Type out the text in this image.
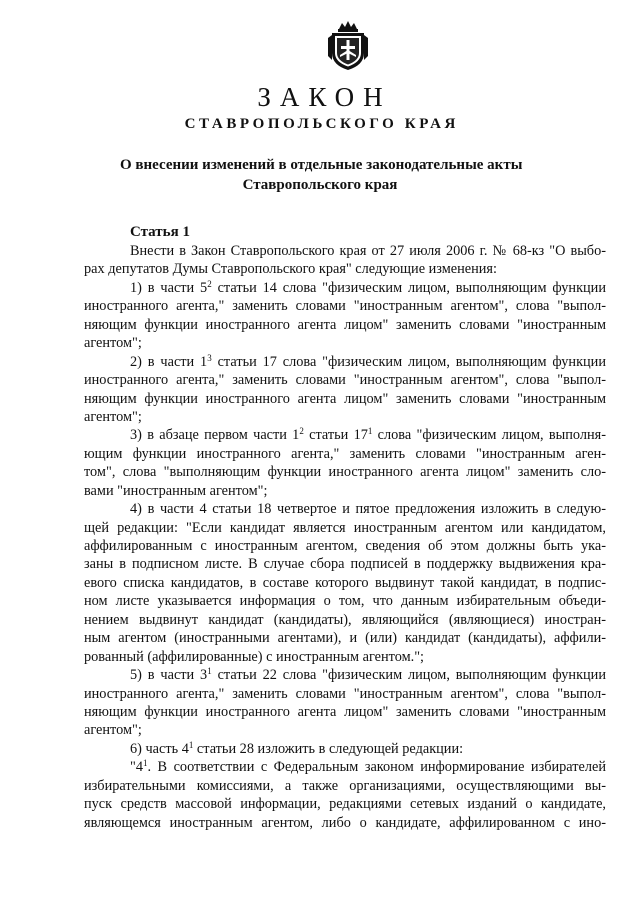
ЗАКОН
СТАВРОПОЛЬСКОГО КРАЯ
О внесении изменений в отдельные законодательные акты
Ставропольского края
Статья 1
Внести в Закон Ставропольского края от 27 июля 2006 г. № 68-кз "О выбо-
рах депутатов Думы Ставропольского края" следующие изменения:
1) в части $5^2$ статьи 14 слова "физическим лицом, выполняющим функции
иностранного агента," заменить словами "иностранным агентом", слова "выпол-
няющим функции иностранного агента лицом" заменить словами "иностранным
агентом";
2) в части $1^3$ статьи 17 слова "физическим лицом, выполняющим функции
иностранного агента," заменить словами "иностранным агентом", слова "выпол-
няющим функции иностранного агента лицом" заменить словами "иностранным
агентом";
3) в абзаце первом части $1^2$ статьи $17^1$ слова "физическим лицом, выполня-
ющим функции иностранного агента," заменить словами "иностранным аген-
том", слова "выполняющим функции иностранного агента лицом" заменить сло-
вами "иностранным агентом";
4) в части 4 статьи 18 четвертое и пятое предложения изложить в следую-
щей редакции: "Если кандидат является иностранным агентом или кандидатом,
аффилированным с иностранным агентом, сведения об этом должны быть ука-
заны в подписном листе. В случае сбора подписей в поддержку выдвижения кра-
евого списка кандидатов, в составе которого выдвинут такой кандидат, в подпис-
ном листе указывается информация о том, что данным избирательным объеди-
нением выдвинут кандидат (кандидаты), являющийся (являющиеся) иностран-
ным агентом (иностранными агентами), и (или) кандидат (кандидаты), аффили-
рованный (аффилированные) с иностранным агентом.";
5) в части $3^1$ статьи 22 слова "физическим лицом, выполняющим функции
иностранного агента," заменить словами "иностранным агентом", слова "выпол-
няющим функции иностранного агента лицом" заменить словами "иностранным
агентом";
6) часть $4^1$ статьи 28 изложить в следующей редакции:
"$4^1$. В соответствии с Федеральным законом информирование избирателей
избирательными комиссиями, а также организациями, осуществляющими вы-
пуск средств массовой информации, редакциями сетевых изданий о кандидате,
являющемся иностранным агентом, либо о кандидате, аффилированном с ино-
